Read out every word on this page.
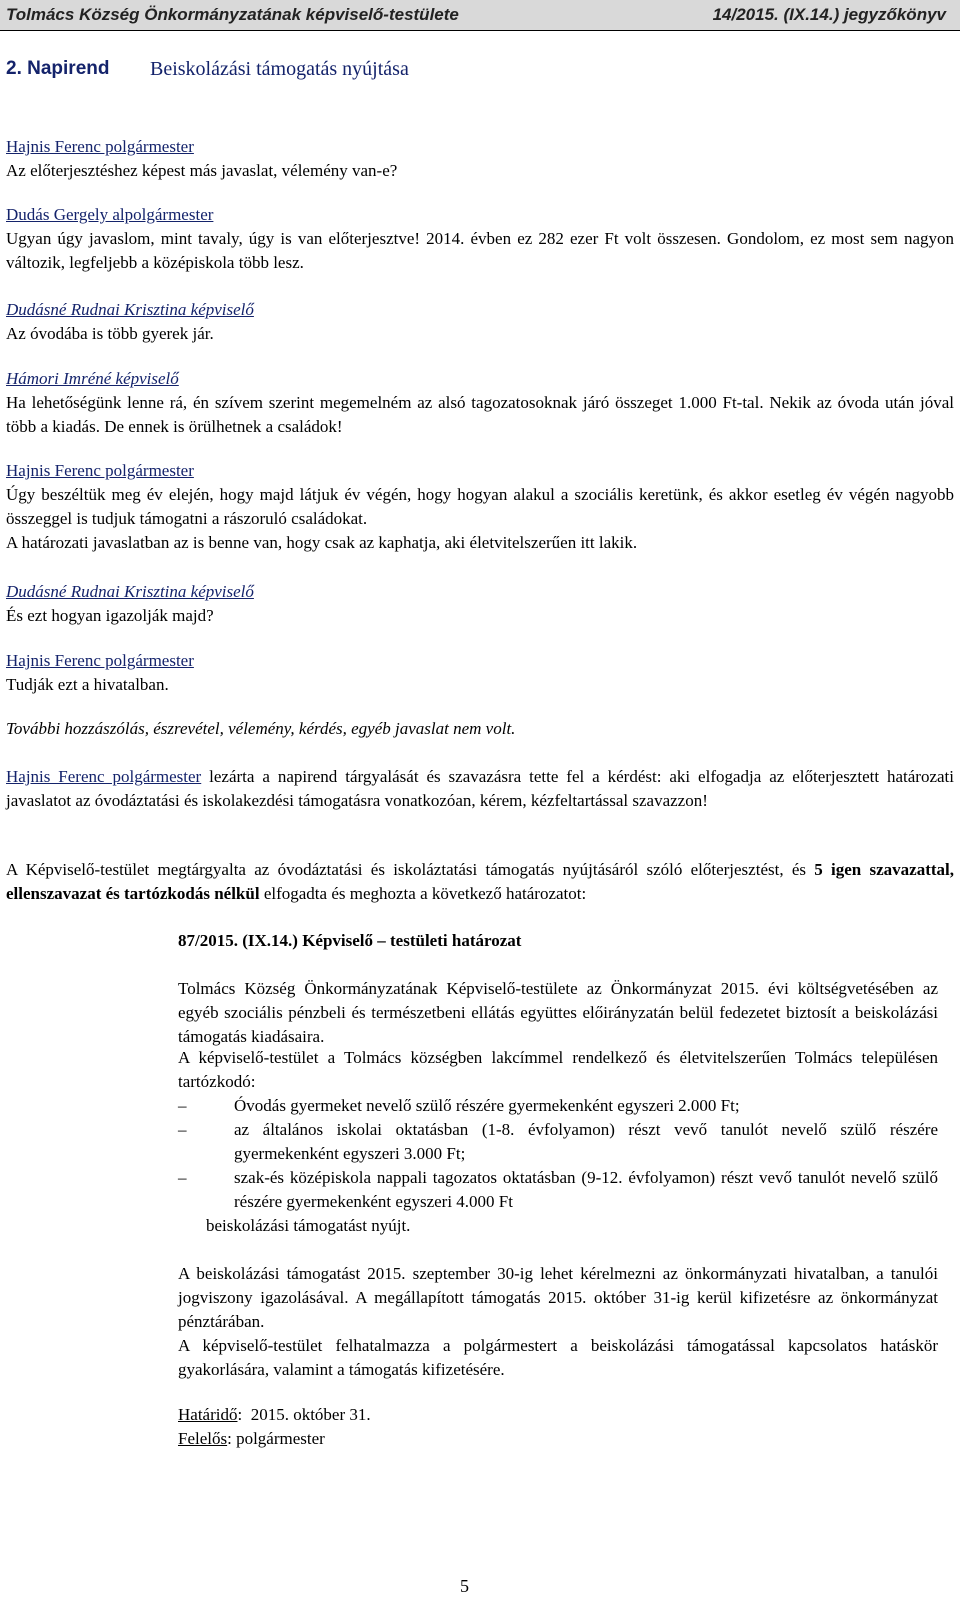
Tolmács Község Önkormányzatának képviselő-testülete	14/2015. (IX.14.) jegyzőkönyv
2. Napirend Beiskolázási támogatás nyújtása

Hajnis Ferenc polgármester
Az előterjesztéshez képest más javaslat, vélemény van-e?

Dudás Gergely alpolgármester
Ugyan úgy javaslom, mint tavaly, úgy is van előterjesztve! 2014. évben ez 282 ezer Ft volt összesen. Gondolom, ez most sem nagyon változik, legfeljebb a középiskola több lesz.

Dudásné Rudnai Krisztina képviselő
Az óvodába is több gyerek jár.

Hámori Imréné képviselő
Ha lehetőségünk lenne rá, én szívem szerint megemelném az alsó tagozatosoknak járó összeget 1.000 Ft-tal. Nekik az óvoda után jóval több a kiadás. De ennek is örülhetnek a családok!

Hajnis Ferenc polgármester
Úgy beszéltük meg év elején, hogy majd látjuk év végén, hogy hogyan alakul a szociális keretünk, és akkor esetleg év végén nagyobb összeggel is tudjuk támogatni a rászoruló családokat.
A határozati javaslatban az is benne van, hogy csak az kaphatja, aki életvitelszerűen itt lakik.

Dudásné Rudnai Krisztina képviselő
És ezt hogyan igazolják majd?

Hajnis Ferenc polgármester
Tudják ezt a hivatalban.

További hozzászólás, észrevétel, vélemény, kérdés, egyéb javaslat nem volt.

Hajnis Ferenc polgármester lezárta a napirend tárgyalását és szavazásra tette fel a kérdést: aki elfogadja az előterjesztett határozati javaslatot az óvodáztatási és iskolakezdési támogatásra vonatkozóan, kérem, kézfeltartással szavazzon!

A Képviselő-testület megtárgyalta az óvodáztatási és iskoláztatási támogatás nyújtásáról szóló előterjesztést, és 5 igen szavazattal, ellenszavazat és tartózkodás nélkül elfogadta és meghozta a következő határozatot:

87/2015. (IX.14.) Képviselő – testületi határozat

Tolmács Község Önkormányzatának Képviselő-testülete az Önkormányzat 2015. évi költségvetésében az egyéb szociális pénzbeli és természetbeni ellátás együttes előirányzatán belül fedezetet biztosít a beiskolázási támogatás kiadásaira.

A képviselő-testület a Tolmács községben lakcímmel rendelkező és életvitelszerűen Tolmács településen tartózkodó:

–	Óvodás gyermeket nevelő szülő részére gyermekenként egyszeri 2.000 Ft;
–	az általános iskolai oktatásban (1-8. évfolyamon) részt vevő tanulót nevelő szülő részére gyermekenként egyszeri 3.000 Ft;
–	szak-és középiskola nappali tagozatos oktatásban (9-12. évfolyamon) részt vevő tanulót nevelő szülő részére gyermekenként egyszeri 4.000 Ft

beiskolázási támogatást nyújt.

A beiskolázási támogatást 2015. szeptember 30-ig lehet kérelmezni az önkormányzati hivatalban, a tanulói jogviszony igazolásával. A megállapított támogatás 2015. október 31-ig kerül kifizetésre az önkormányzat pénztárában.

A képviselő-testület felhatalmazza a polgármestert a beiskolázási támogatással kapcsolatos hatáskör gyakorlására, valamint a támogatás kifizetésére.

Határidő:  2015. október 31.

Felelős: polgármester

5
